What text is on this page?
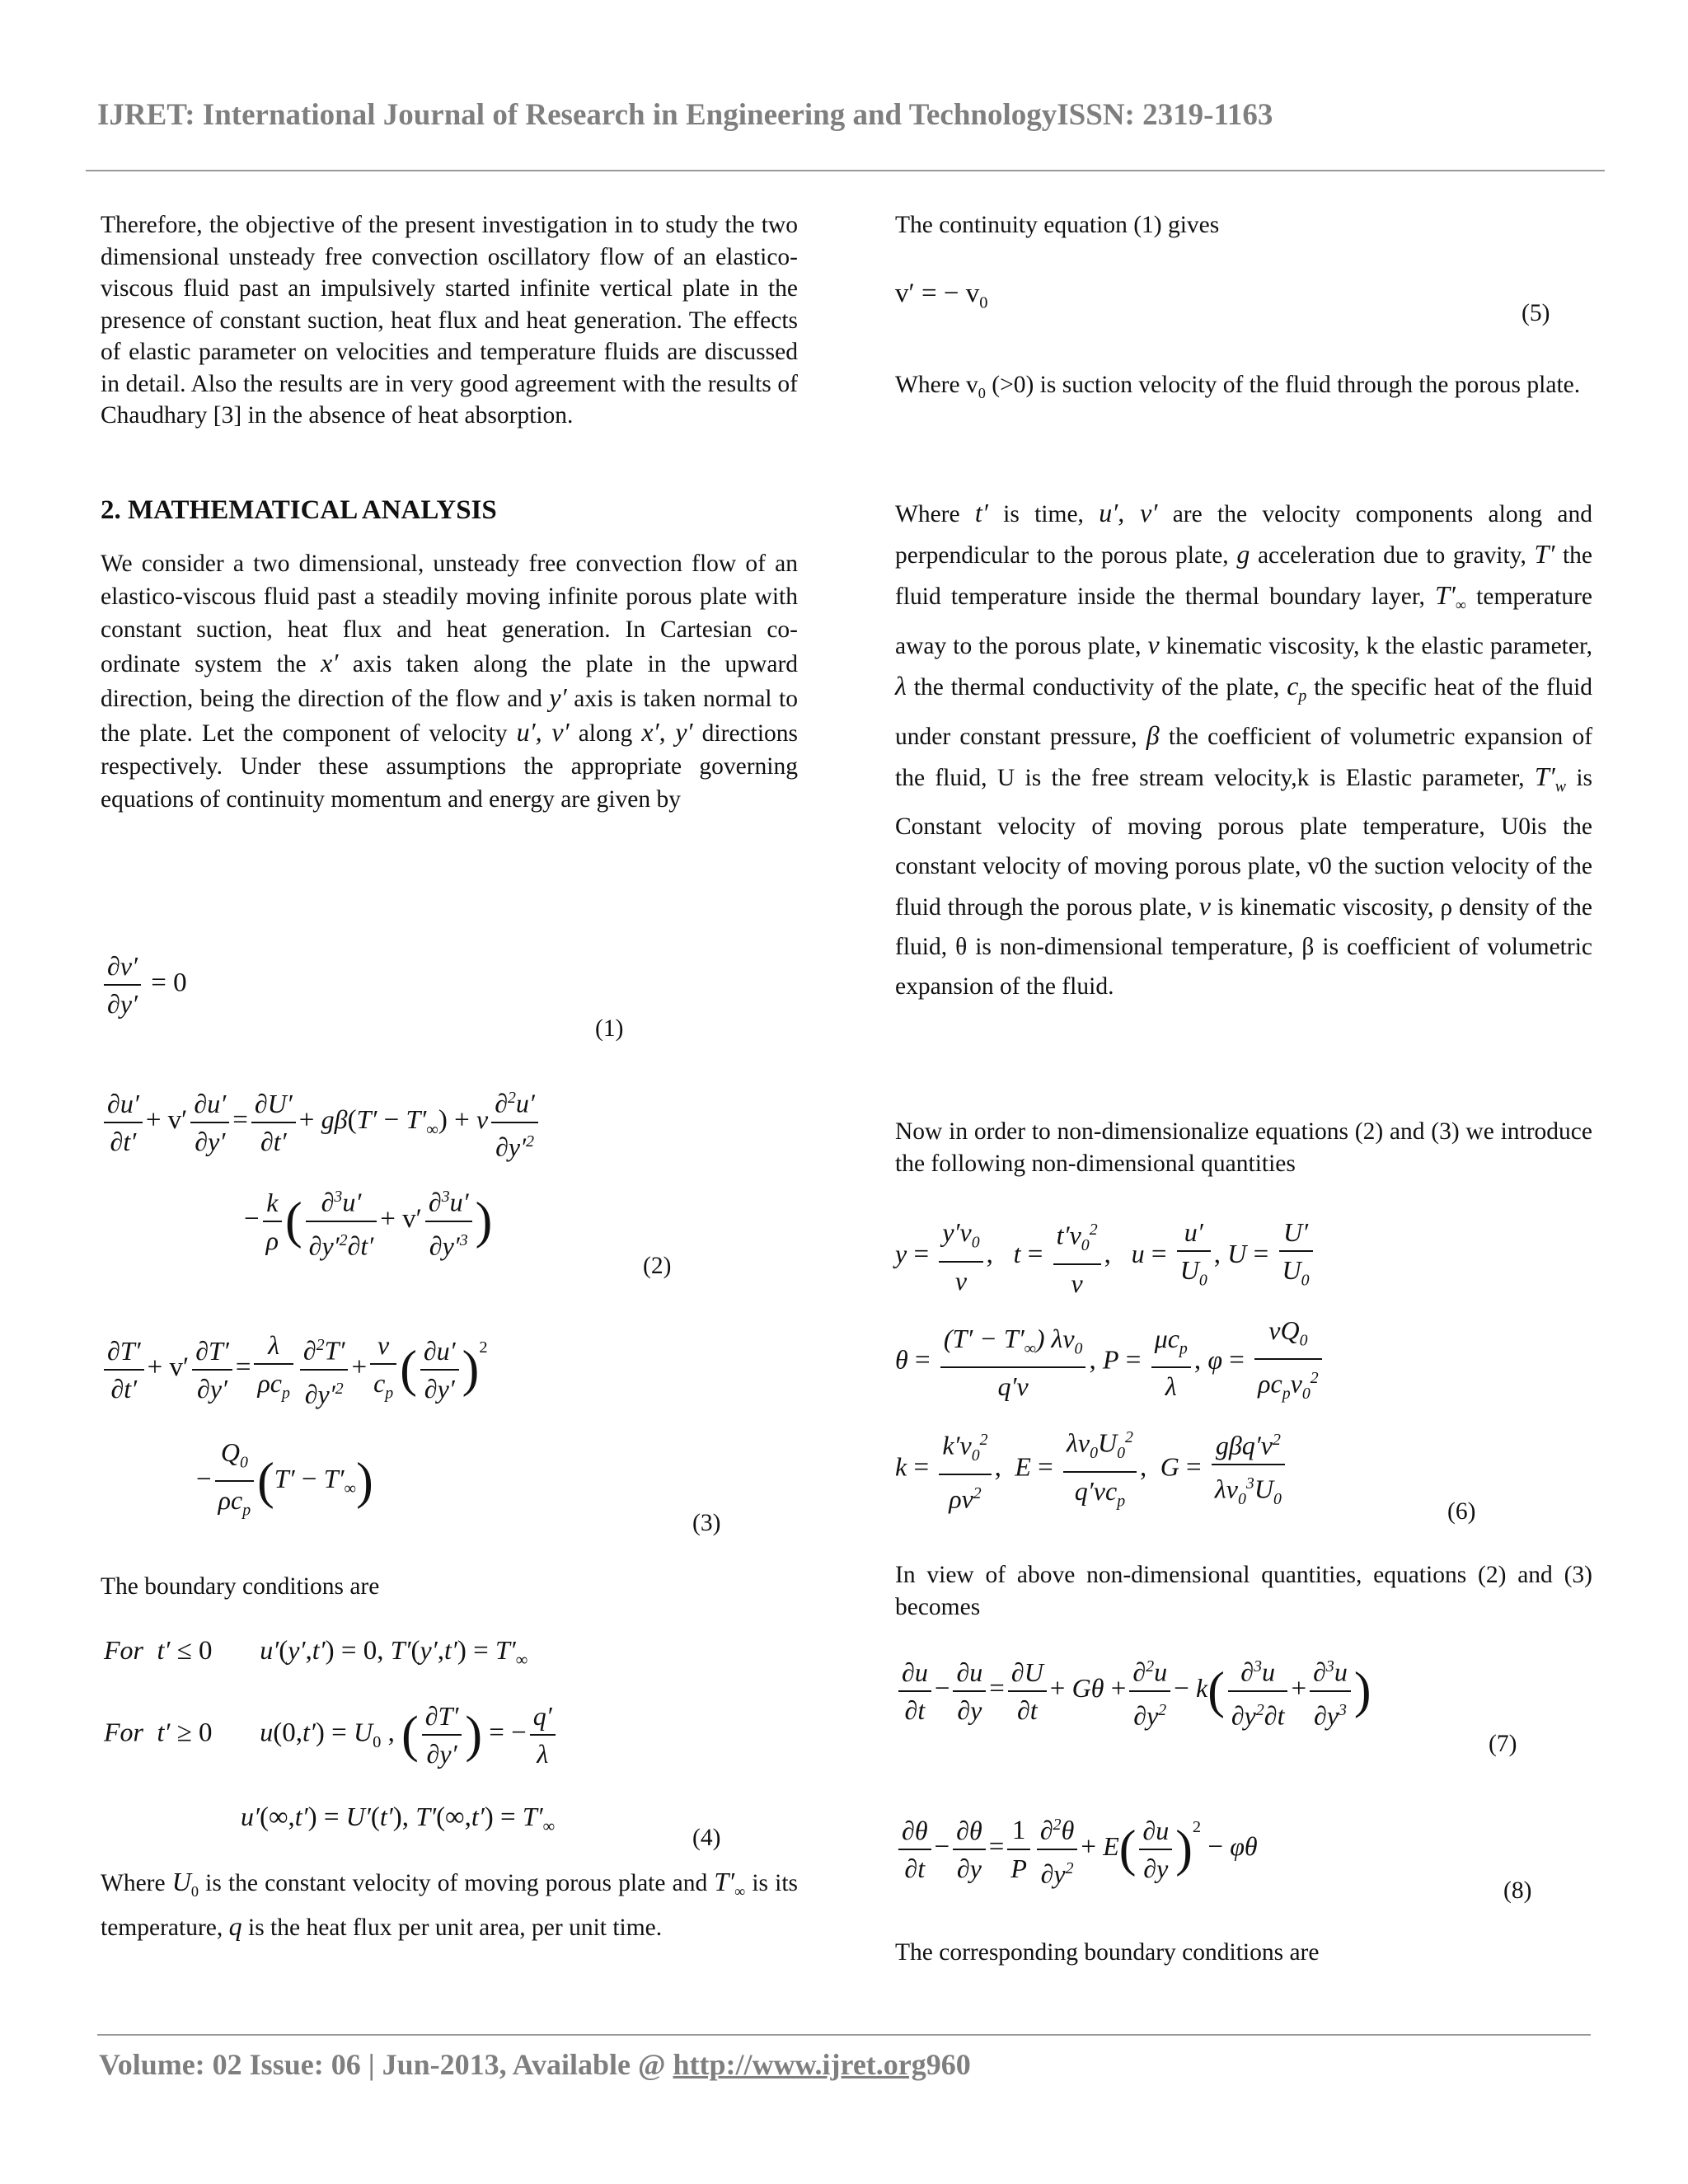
IJRET: International Journal of Research in Engineering and TechnologyISSN: 2319-1163

Therefore, the objective of the present investigation in to study the two dimensional unsteady free convection oscillatory flow of an elastico-viscous fluid past an impulsively started infinite vertical plate in the presence of constant suction, heat flux and heat generation. The effects of elastic parameter on velocities and temperature fluids are discussed in detail. Also the results are in very good agreement with the results of Chaudhary [3] in the absence of heat absorption.

2. MATHEMATICAL ANALYSIS

We consider a two dimensional, unsteady free convection flow of an elastico-viscous fluid past a steadily moving infinite porous plate with constant suction, heat flux and heat generation. In Cartesian co-ordinate system the x′ axis taken along the plate in the upward direction, being the direction of the flow and y′ axis is taken normal to the plate. Let the component of velocity u′, v′ along x′, y′ directions respectively. Under these assumptions the appropriate governing equations of continuity momentum and energy are given by

$\frac{\partial v'}{\partial y'} = 0$
(1)
$\frac{\partial u'}{\partial t'} + v' \frac{\partial u'}{\partial y'} = \frac{\partial U'}{\partial t'} + g\beta(T' - T'_\infty) + \nu \frac{\partial^2u'}{\partial y'^2}$
− $\frac{k}{\rho}$ ( $\frac{\partial^3u'}{\partial y'^2\partial t'} + v' \frac{\partial^3u'}{\partial y'^3}$ )
(2)
$\frac{\partial T'}{\partial t'} + v' \frac{\partial T'}{\partial y'} = \frac{\lambda}{\rho c_p} \frac{\partial^2T'}{\partial y'^2} + \frac{\nu}{c_p}$ ( $\frac{\partial u'}{\partial y'} )^2$
− $\frac{Q_0}{\rho c_p} (T' - T'_\infty)$
(3)
The boundary conditions are
For t′ ≤ 0       u′(y′,t′) = 0, $T'(y',t') = T'_\infty$
For t′ ≥ 0       $u(0,t') = U_0$ , ( $\frac{\partial T'}{\partial y'}$ ) = − $\frac{q'}{\lambda}$
u′(∞,t′) = U′(t′), $T'(\infty,t') = T'_\infty$	(4)

Where $U_0$ is the constant velocity of moving porous plate and $T'_\infty$ is its temperature, q is the heat flux per unit area, per unit time.

The continuity equation (1) gives
v′ = − $v_0$	(5)

Where $v_0$ (>0) is suction velocity of the fluid through the porous plate.

Where t′ is time, u′, v′ are the velocity components along and perpendicular to the porous plate, g acceleration due to gravity, T′ the fluid temperature inside the thermal boundary layer, $T'_\infty$ temperature away to the porous plate, ν kinematic viscosity, k the elastic parameter, λ the thermal conductivity of the plate, $c_p$ the specific heat of the fluid under constant pressure, β the coefficient of volumetric expansion of the fluid, U is the free stream velocity,k is Elastic parameter, $T'_w$ is Constant velocity of moving porous plate temperature, U0is the constant velocity of moving porous plate, v0 the suction velocity of the fluid through the porous plate, ν is kinematic viscosity, ρ density of the fluid, θ is non-dimensional temperature, β is coefficient of volumetric expansion of the fluid.

Now in order to non-dimensionalize equations (2) and (3) we introduce the following non-dimensional quantities
$y = \frac{y'v_0}{\nu}$ ,   $t = \frac{t'v_0^2}{\nu}$ ,   $u = \frac{u'}{U_0}$ , $U = \frac{U'}{U_0}$
$\theta = \frac{(T' - T'_\infty) \lambda v_0}{q'\nu}$ , $P = \frac{\mu c_p}{\lambda}$ , $\varphi = \frac{\nu Q_0}{\rho c_pv_0^2}$
$k = \frac{k'v_0^2}{\rho\nu^2}$ ,  $E = \frac{\lambda v_0U_0^2}{q'\nu c_p}$ ,  $G = \frac{g\beta q'\nu^2}{\lambda v_0^3U_0}$	(6)
In view of above non-dimensional quantities, equations (2) and (3) becomes
$\frac{\partial u}{\partial t} - \frac{\partial u}{\partial y} = \frac{\partial U}{\partial t} + G\theta + \frac{\partial^2u}{\partial y^2} - k( \frac{\partial^3u}{\partial y^2\partial t} + \frac{\partial^3u}{\partial y^3}$ )
(7)
$\frac{\partial\theta}{\partial t} - \frac{\partial\theta}{\partial y} = \frac{1}{P} \frac{\partial^2\theta}{\partial y^2} + E( \frac{\partial u}{\partial y} )^2 - \varphi\theta$
(8)
The corresponding boundary conditions are
Volume: 02 Issue: 06 | Jun-2013, Available @ http://www.ijret.org960
